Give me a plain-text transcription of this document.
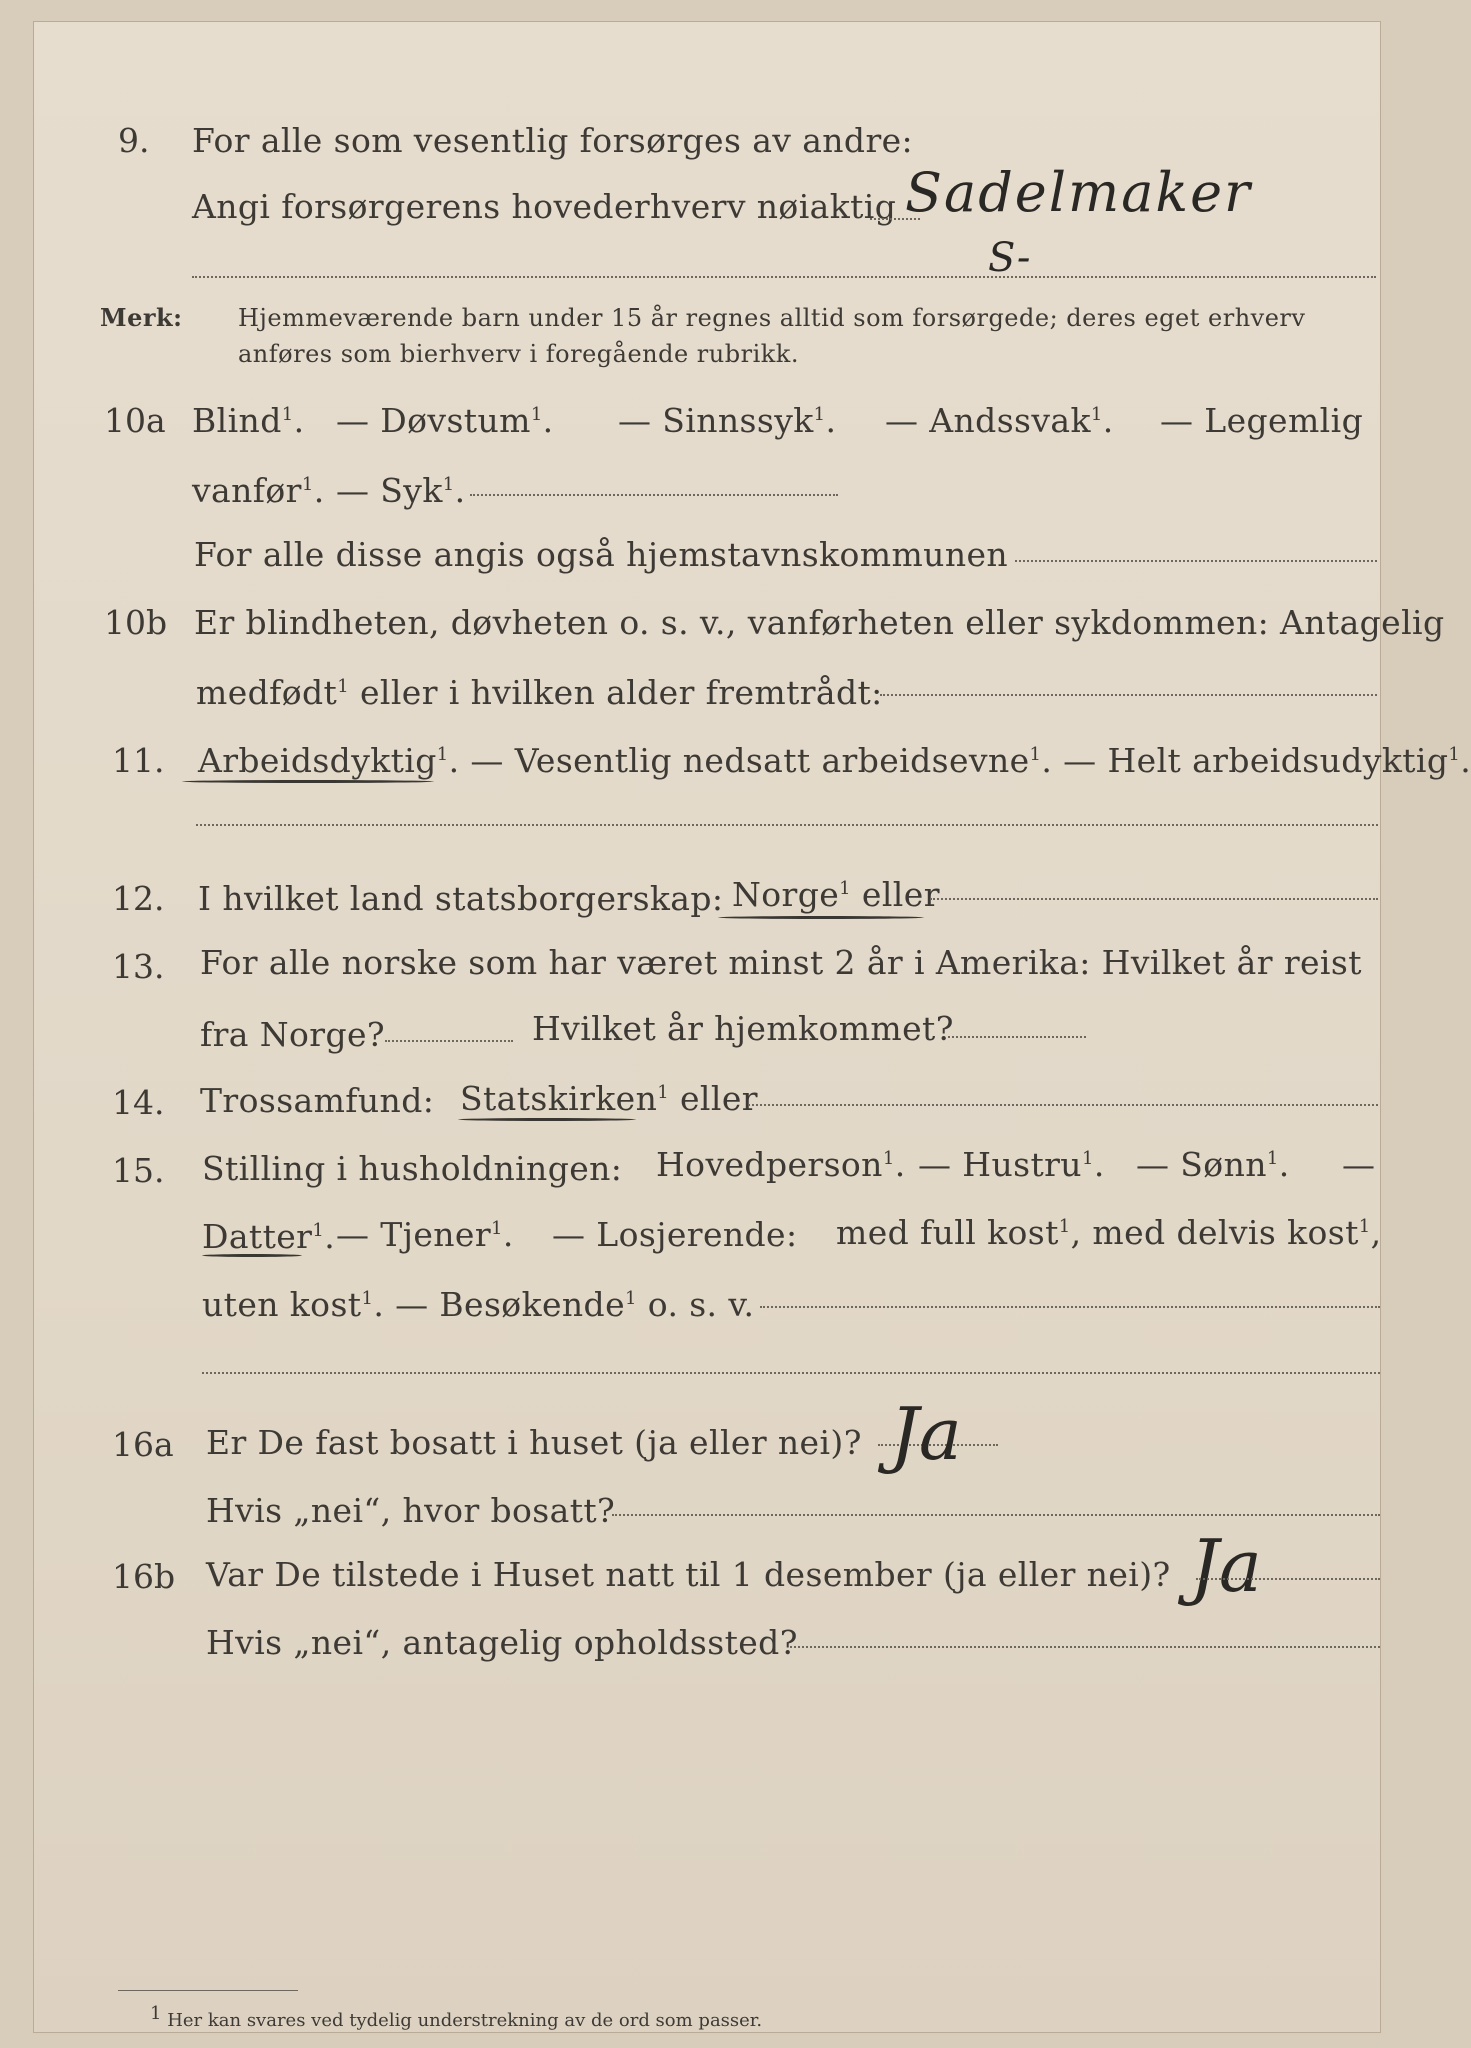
9. For alle som vesentlig forsørges av andre:
Angi forsørgerens hovederhverv nøiaktig Sadelmaker
S-
Merk: Hjemmeværende barn under 15 år regnes alltid som forsørgede; deres eget erhverv
anføres som bierhverv i foregående rubrikk.
10a Blind$^1$. — Døvstum$^1$. — Sinnssyk$^1$. — Andssvak$^1$. — Legemlig
vanfør$^1$. — Syk$^1$.
For alle disse angis også hjemstavnskommunen
10b Er blindheten, døvheten o. s. v., vanførheten eller sykdommen: Antagelig
medfødt$^1$ eller i hvilken alder fremtrådt:
11. Arbeidsdyktig$^1$. — Vesentlig nedsatt arbeidsevne$^1$. — Helt arbeidsudyktig$^1$.
12. I hvilket land statsborgerskap: Norge$^1$ eller
13. For alle norske som har været minst 2 år i Amerika: Hvilket år reist
fra Norge?	Hvilket år hjemkommet?
14. Trossamfund: Statskirken$^1$ eller
15. Stilling i husholdningen: Hovedperson$^1$. — Hustru$^1$. — Sønn$^1$. —
Datter$^1$. — Tjener$^1$. — Losjerende: med full kost$^1$, med delvis kost$^1$,
uten kost$^1$. — Besøkende$^1$ o. s. v.
16a Er De fast bosatt i huset (ja eller nei)? Ja
Hvis „nei“, hvor bosatt?
16b Var De tilstede i Huset natt til 1 desember (ja eller nei)? Ja
Hvis „nei“, antagelig opholdssted?
$^1$ Her kan svares ved tydelig understrekning av de ord som passer.
